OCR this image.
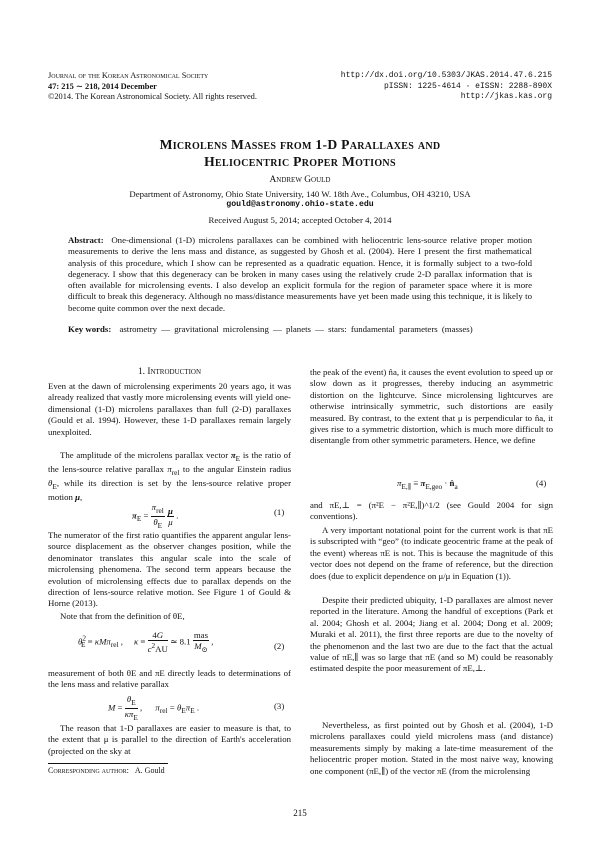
Journal of the Korean Astronomical Society
47: 215 ∼ 218, 2014 December
©2014. The Korean Astronomical Society. All rights reserved.
http://dx.doi.org/10.5303/JKAS.2014.47.6.215
pISSN: 1225-4614 · eISSN: 2288-890X
http://jkas.kas.org
Microlens Masses from 1-D Parallaxes and
Heliocentric Proper Motions
Andrew Gould
Department of Astronomy, Ohio State University, 140 W. 18th Ave., Columbus, OH 43210, USA
gould@astronomy.ohio-state.edu
Received August 5, 2014; accepted October 4, 2014
Abstract: One-dimensional (1-D) microlens parallaxes can be combined with heliocentric lens-source relative proper motion measurements to derive the lens mass and distance, as suggested by Ghosh et al. (2004). Here I present the first mathematical analysis of this procedure, which I show can be represented as a quadratic equation. Hence, it is formally subject to a two-fold degeneracy. I show that this degeneracy can be broken in many cases using the relatively crude 2-D parallax information that is often available for microlensing events. I also develop an explicit formula for the region of parameter space where it is more difficult to break this degeneracy. Although no mass/distance measurements have yet been made using this technique, it is likely to become quite common over the next decade.
Key words: astrometry — gravitational microlensing — planets — stars: fundamental parameters (masses)
1. Introduction
Even at the dawn of microlensing experiments 20 years ago, it was already realized that vastly more microlensing events will yield one-dimensional (1-D) microlens parallaxes than full (2-D) parallaxes (Gould et al. 1994). However, these 1-D parallaxes remain largely unexploited.
The amplitude of the microlens parallax vector $\pi_E$ is the ratio of the lens-source relative parallax $\pi_{rel}$ to the angular Einstein radius $\theta_E$, while its direction is set by the lens-source relative proper motion μ,
$\pi_E = \frac{\pi_{rel}}{\theta_E}$
$\frac{\mu}{\mu}$ .	(1)
The numerator of the first ratio quantifies the apparent angular lens-source displacement as the observer changes position, while the denominator translates this angular scale into the scale of microlensing phenomena. The second term appears because the evolution of microlensing effects due to parallax depends on the direction of lens-source relative motion. See Figure 1 of Gould & Horne (2013).
Note that from the definition of θE,
$\theta^2_E \equiv \kappa M\pi_{rel}$ ,     $\kappa \equiv \frac{4G}{c^2AU}$ ≃ $8.1 \frac{\text{mas}}{M_⊙}$ ,	(2)
measurement of both θE and πE directly leads to determinations of the lens mass and relative parallax
$M = \frac{\theta_E}{\kappa\pi_E}$ ,      $\pi_{rel} = \theta_E\pi_E$ .	(3)
The reason that 1-D parallaxes are easier to measure is that, to the extent that μ is parallel to the direction of Earth's acceleration (projected on the sky at
Corresponding author: A. Gould
the peak of the event) n̂a, it causes the event evolution to speed up or slow down as it progresses, thereby inducing an asymmetric distortion on the lightcurve. Since microlensing lightcurves are otherwise intrinsically symmetric, such distortions are easily measured. By contrast, to the extent that μ is perpendicular to n̂a, it gives rise to a symmetric distortion, which is much more difficult to disentangle from other symmetric parameters. Hence, we define
$\pi_{E,\parallel} \equiv \pi_{E,geo}$ · $n̂_a$	(4)
and πE,⊥ = (π²E − π²E,∥)^1/2 (see Gould 2004 for sign conventions).
A very important notational point for the current work is that πE is subscripted with “geo” (to indicate geocentric frame at the peak of the event) whereas πE is not. This is because the magnitude of this vector does not depend on the frame of reference, but the direction does (due to explicit dependence on μ/μ in Equation (1)).
Despite their predicted ubiquity, 1-D parallaxes are almost never reported in the literature. Among the handful of exceptions (Park et al. 2004; Ghosh et al. 2004; Jiang et al. 2004; Dong et al. 2009; Muraki et al. 2011), the first three reports are due to the novelty of the phenomenon and the last two are due to the fact that the actual value of πE,∥ was so large that πE (and so M) could be reasonably estimated despite the poor measurement of πE,⊥.
Nevertheless, as first pointed out by Ghosh et al. (2004), 1-D microlens parallaxes could yield microlens mass (and distance) measurements simply by making a late-time measurement of the heliocentric proper motion. Stated in the most naive way, knowing one component (πE,∥) of the vector πE (from the microlensing
215
